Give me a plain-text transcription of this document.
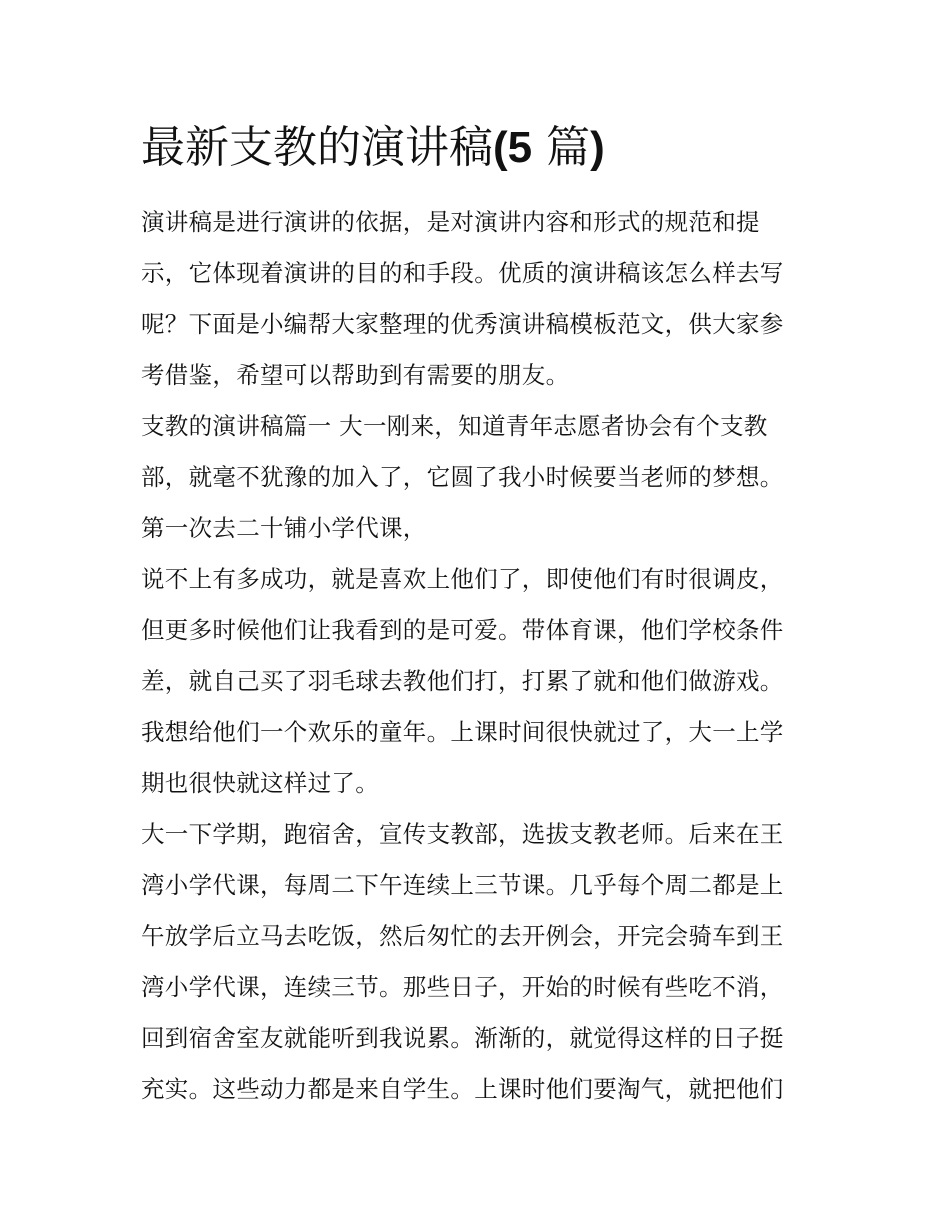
最新支教的演讲稿(5 篇)
演讲稿是进行演讲的依据，是对演讲内容和形式的规范和提
示，它体现着演讲的目的和手段。优质的演讲稿该怎么样去写
呢？下面是小编帮大家整理的优秀演讲稿模板范文，供大家参
考借鉴，希望可以帮助到有需要的朋友。
支教的演讲稿篇一 大一刚来，知道青年志愿者协会有个支教
部，就毫不犹豫的加入了，它圆了我小时候要当老师的梦想。
第一次去二十铺小学代课，
说不上有多成功，就是喜欢上他们了，即使他们有时很调皮，
但更多时候他们让我看到的是可爱。带体育课，他们学校条件
差，就自己买了羽毛球去教他们打，打累了就和他们做游戏。
我想给他们一个欢乐的童年。上课时间很快就过了，大一上学
期也很快就这样过了。
大一下学期，跑宿舍，宣传支教部，选拔支教老师。后来在王
湾小学代课，每周二下午连续上三节课。几乎每个周二都是上
午放学后立马去吃饭，然后匆忙的去开例会，开完会骑车到王
湾小学代课，连续三节。那些日子，开始的时候有些吃不消，
回到宿舍室友就能听到我说累。渐渐的，就觉得这样的日子挺
充实。这些动力都是来自学生。上课时他们要淘气，就把他们
